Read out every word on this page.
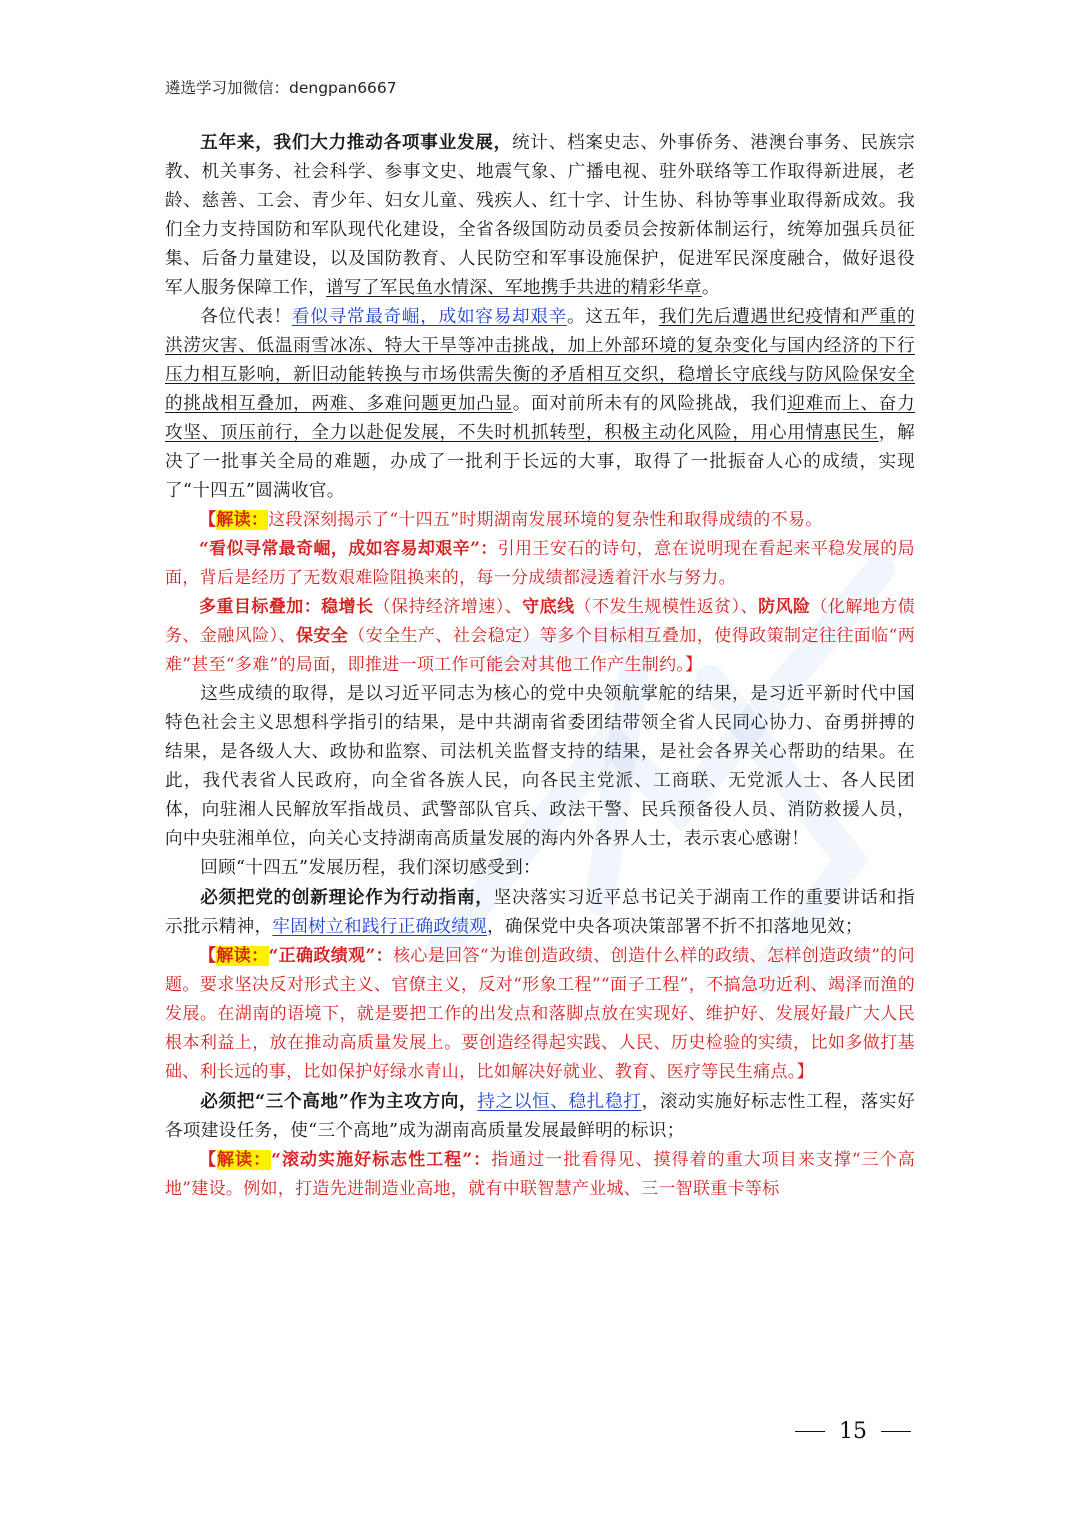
遴选学习加微信：dengpan6667

五年来，我们大力推动各项事业发展，统计、档案史志、外事侨务、港澳台事务、民族宗教、机关事务、社会科学、参事文史、地震气象、广播电视、驻外联络等工作取得新进展，老龄、慈善、工会、青少年、妇女儿童、残疾人、红十字、计生协、科协等事业取得新成效。我们全力支持国防和军队现代化建设，全省各级国防动员委员会按新体制运行，统筹加强兵员征集、后备力量建设，以及国防教育、人民防空和军事设施保护，促进军民深度融合，做好退役军人服务保障工作，谱写了军民鱼水情深、军地携手共进的精彩华章。

各位代表！看似寻常最奇崛，成如容易却艰辛。这五年，我们先后遭遇世纪疫情和严重的洪涝灾害、低温雨雪冰冻、特大干旱等冲击挑战，加上外部环境的复杂变化与国内经济的下行压力相互影响，新旧动能转换与市场供需失衡的矛盾相互交织，稳增长守底线与防风险保安全的挑战相互叠加，两难、多难问题更加凸显。面对前所未有的风险挑战，我们迎难而上、奋力攻坚、顶压前行，全力以赴促发展，不失时机抓转型，积极主动化风险，用心用情惠民生，解决了一批事关全局的难题，办成了一批利于长远的大事，取得了一批振奋人心的成绩，实现了“十四五”圆满收官。

【解读：这段深刻揭示了“十四五”时期湖南发展环境的复杂性和取得成绩的不易。

“看似寻常最奇崛，成如容易却艰辛”：引用王安石的诗句，意在说明现在看起来平稳发展的局面，背后是经历了无数艰难险阻换来的，每一分成绩都浸透着汗水与努力。

多重目标叠加：稳增长（保持经济增速）、守底线（不发生规模性返贫）、防风险（化解地方债务、金融风险）、保安全（安全生产、社会稳定）等多个目标相互叠加，使得政策制定往往面临“两难”甚至“多难”的局面，即推进一项工作可能会对其他工作产生制约。】

这些成绩的取得，是以习近平同志为核心的党中央领航掌舵的结果，是习近平新时代中国特色社会主义思想科学指引的结果，是中共湖南省委团结带领全省人民同心协力、奋勇拼搏的结果，是各级人大、政协和监察、司法机关监督支持的结果，是社会各界关心帮助的结果。在此，我代表省人民政府，向全省各族人民，向各民主党派、工商联、无党派人士、各人民团体，向驻湘人民解放军指战员、武警部队官兵、政法干警、民兵预备役人员、消防救援人员，向中央驻湘单位，向关心支持湖南高质量发展的海内外各界人士，表示衷心感谢！

回顾“十四五”发展历程，我们深切感受到：

必须把党的创新理论作为行动指南，坚决落实习近平总书记关于湖南工作的重要讲话和指示批示精神，牢固树立和践行正确政绩观，确保党中央各项决策部署不折不扣落地见效；

【解读：“正确政绩观”：核心是回答“为谁创造政绩、创造什么样的政绩、怎样创造政绩”的问题。要求坚决反对形式主义、官僚主义，反对“形象工程”“面子工程”，不搞急功近利、竭泽而渔的发展。在湖南的语境下，就是要把工作的出发点和落脚点放在实现好、维护好、发展好最广大人民根本利益上，放在推动高质量发展上。要创造经得起实践、人民、历史检验的实绩，比如多做打基础、利长远的事，比如保护好绿水青山，比如解决好就业、教育、医疗等民生痛点。】

必须把“三个高地”作为主攻方向，持之以恒、稳扎稳打，滚动实施好标志性工程，落实好各项建设任务，使“三个高地”成为湖南高质量发展最鲜明的标识；

【解读：“滚动实施好标志性工程”：指通过一批看得见、摸得着的重大项目来支撑“三个高地”建设。例如，打造先进制造业高地，就有中联智慧产业城、三一智联重卡等标

15
